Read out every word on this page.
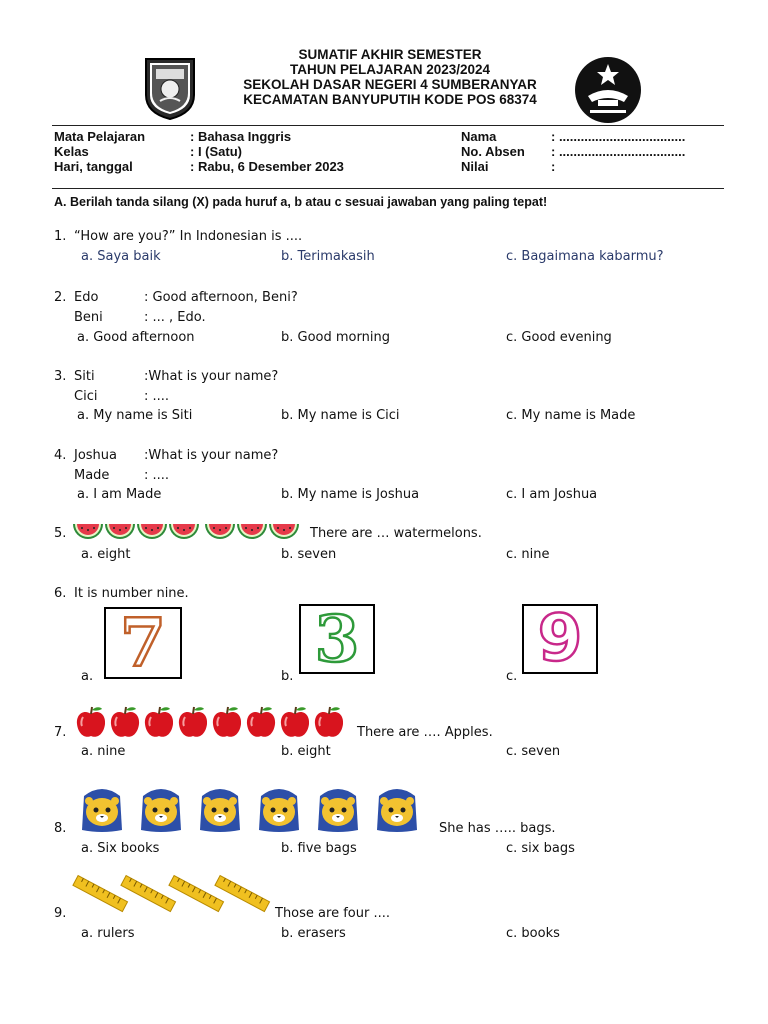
SUMATIF AKHIR SEMESTER
TAHUN PELAJARAN 2023/2024
SEKOLAH DASAR NEGERI 4 SUMBERANYAR
KECAMATAN BANYUPUTIH KODE POS 68374
Mata Pelajaran	: Bahasa Inggris
Kelas	: I (Satu)
Hari, tanggal	: Rabu, 6 Desember 2023
Nama	: ...................................
No. Absen : ...................................
Nilai	:
A. Berilah tanda silang (X) pada huruf a, b atau c sesuai jawaban yang paling tepat!
1. “How are you?” In Indonesian is ....
a. Saya baik	b. Terimakasih	c. Bagaimana kabarmu?
2. Edo	: Good afternoon, Beni?
Beni	: ... , Edo.
a. Good afternoon	b. Good morning	c. Good evening
3. Siti	:What is your name?
Cici	: ....
a. My name is Siti	b. My name is Cici	c. My name is Made
4. Joshua :What is your name?
Made	: ....
a. I am Made	b. My name is Joshua	c. I am Joshua
5.	There are … watermelons.
a. eight	b. seven	c. nine
6. It is number nine.
a. 7	b. 3	c.
9
7.	There are …. Apples.
a. nine	b. eight	c. seven
8.	She has ….. bags.
a. Six books	b. five bags	c. six bags
9.	Those are four ....
a. rulers	b. erasers	c. books
